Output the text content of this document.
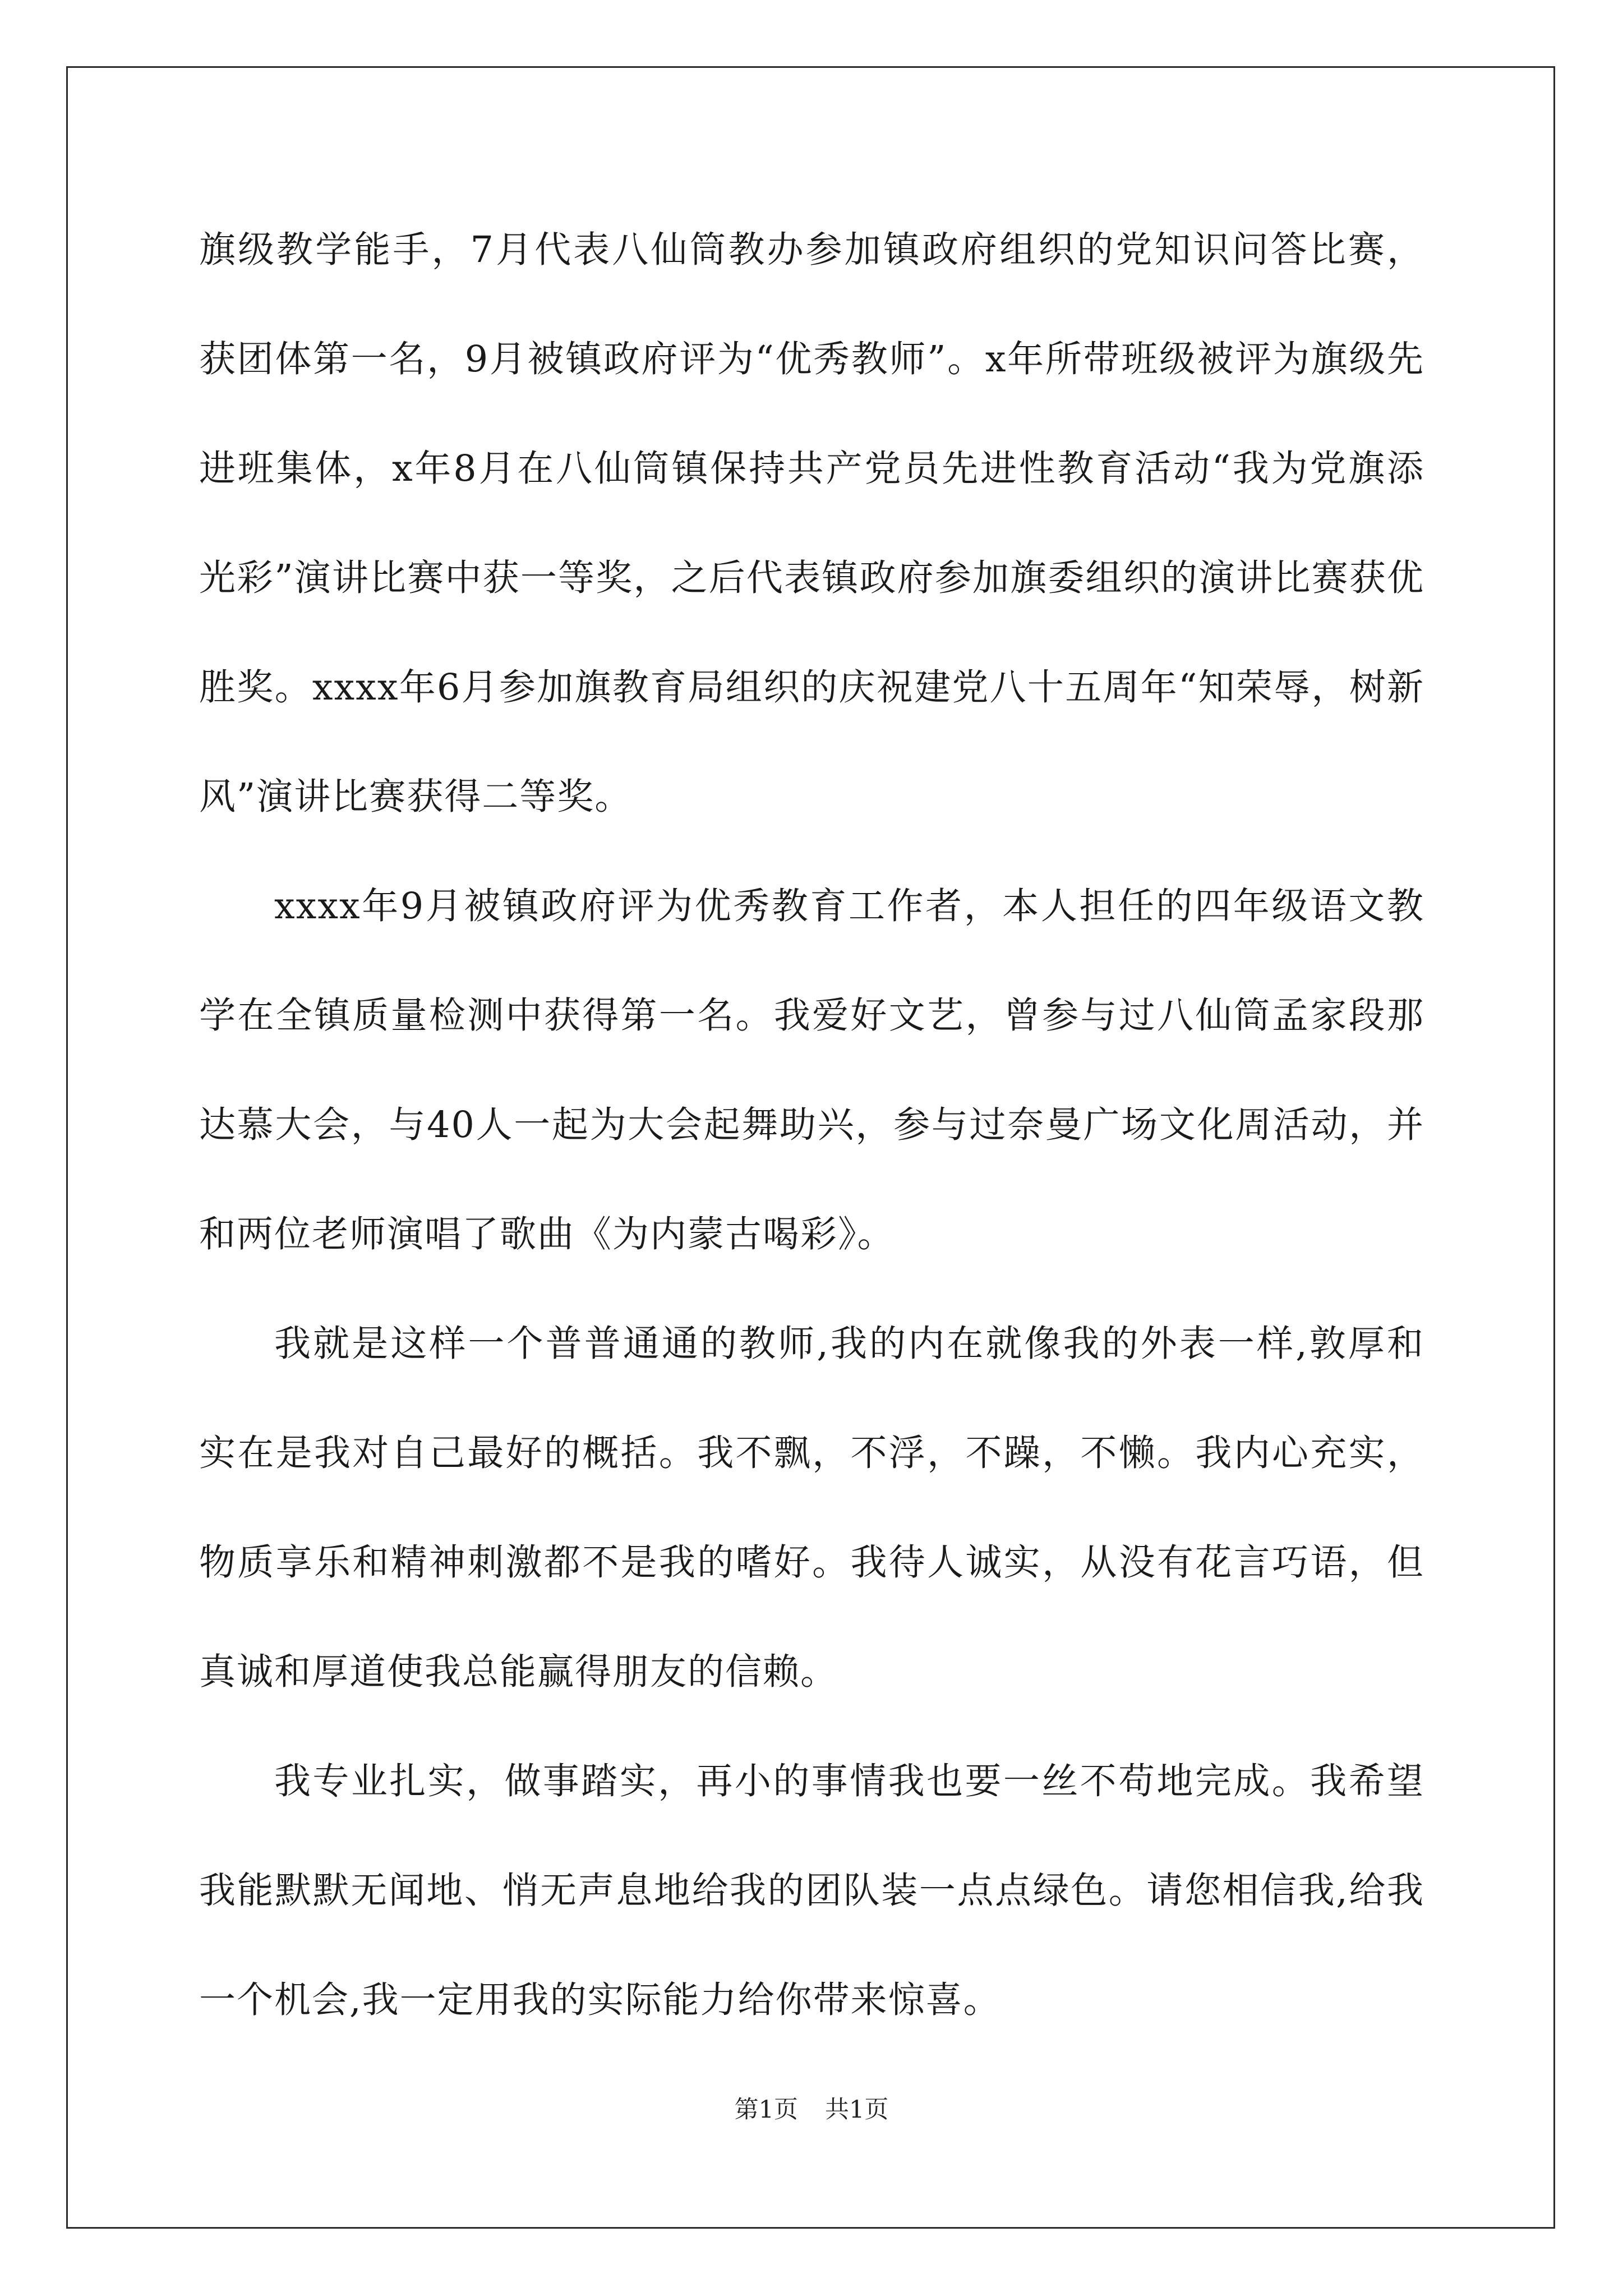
旗级教学能手，7月代表八仙筒教办参加镇政府组织的党知识问答比赛，获团体第一名，9月被镇政府评为“优秀教师”。x年所带班级被评为旗级先进班集体，x年8月在八仙筒镇保持共产党员先进性教育活动“我为党旗添光彩”演讲比赛中获一等奖，之后代表镇政府参加旗委组织的演讲比赛获优胜奖。xxxx年6月参加旗教育局组织的庆祝建党八十五周年“知荣辱，树新风”演讲比赛获得二等奖。

xxxx年9月被镇政府评为优秀教育工作者，本人担任的四年级语文教学在全镇质量检测中获得第一名。我爱好文艺，曾参与过八仙筒孟家段那达慕大会，与40人一起为大会起舞助兴，参与过奈曼广场文化周活动，并和两位老师演唱了歌曲《为内蒙古喝彩》。

我就是这样一个普普通通的教师,我的内在就像我的外表一样,敦厚和实在是我对自己最好的概括。我不飘，不浮，不躁，不懒。我内心充实，物质享乐和精神刺激都不是我的嗜好。我待人诚实，从没有花言巧语，但真诚和厚道使我总能赢得朋友的信赖。

我专业扎实，做事踏实，再小的事情我也要一丝不苟地完成。我希望我能默默无闻地、悄无声息地给我的团队装一点点绿色。请您相信我,给我一个机会,我一定用我的实际能力给你带来惊喜。

第1页 共1页
